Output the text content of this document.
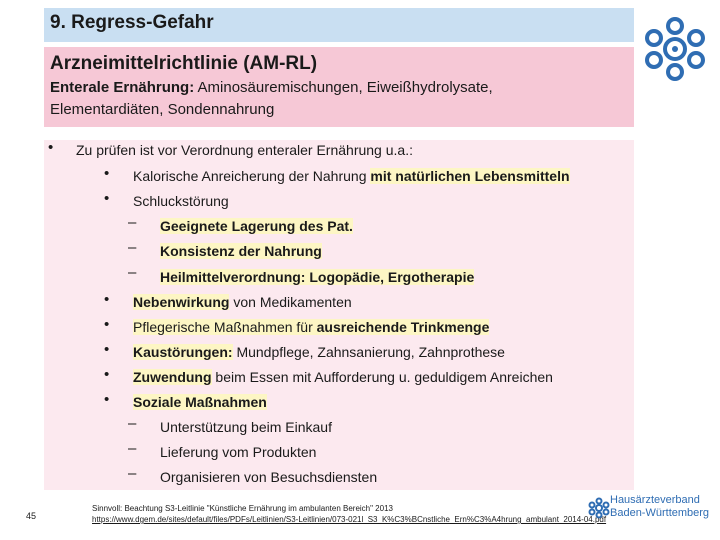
9. Regress-Gefahr
Arzneimittelrichtlinie (AM-RL)
Enterale Ernährung: Aminosäuremischungen, Eiweißhydrolysate,
Elementardiäten, Sondennahrung
• Zu prüfen ist vor Verordnung enteraler Ernährung u.a.:
• Kalorische Anreicherung der Nahrung mit natürlichen Lebensmitteln
• Schluckstörung
– Geeignete Lagerung des Pat.
– Konsistenz der Nahrung
– Heilmittelverordnung: Logopädie, Ergotherapie
• Nebenwirkung von Medikamenten
• Pflegerische Maßnahmen für ausreichende Trinkmenge
• Kaustörungen: Mundpflege, Zahnsanierung, Zahnprothese
• Zuwendung beim Essen mit Aufforderung u. geduldigem Anreichen
• Soziale Maßnahmen
– Unterstützung beim Einkauf
– Lieferung vom Produkten
– Organisieren von Besuchsdiensten
45
Sinnvoll: Beachtung S3-Leitlinie "Künstliche Ernährung im ambulanten Bereich" 2013
https://www.dgem.de/sites/default/files/PDFs/Leitlinien/S3-Leitlinien/073-021l_S3_K%C3%BCnstliche_Ern%C3%A4hrung_ambulant_2014-04.pdf
Hausärzteverband
Baden-Württemberg
